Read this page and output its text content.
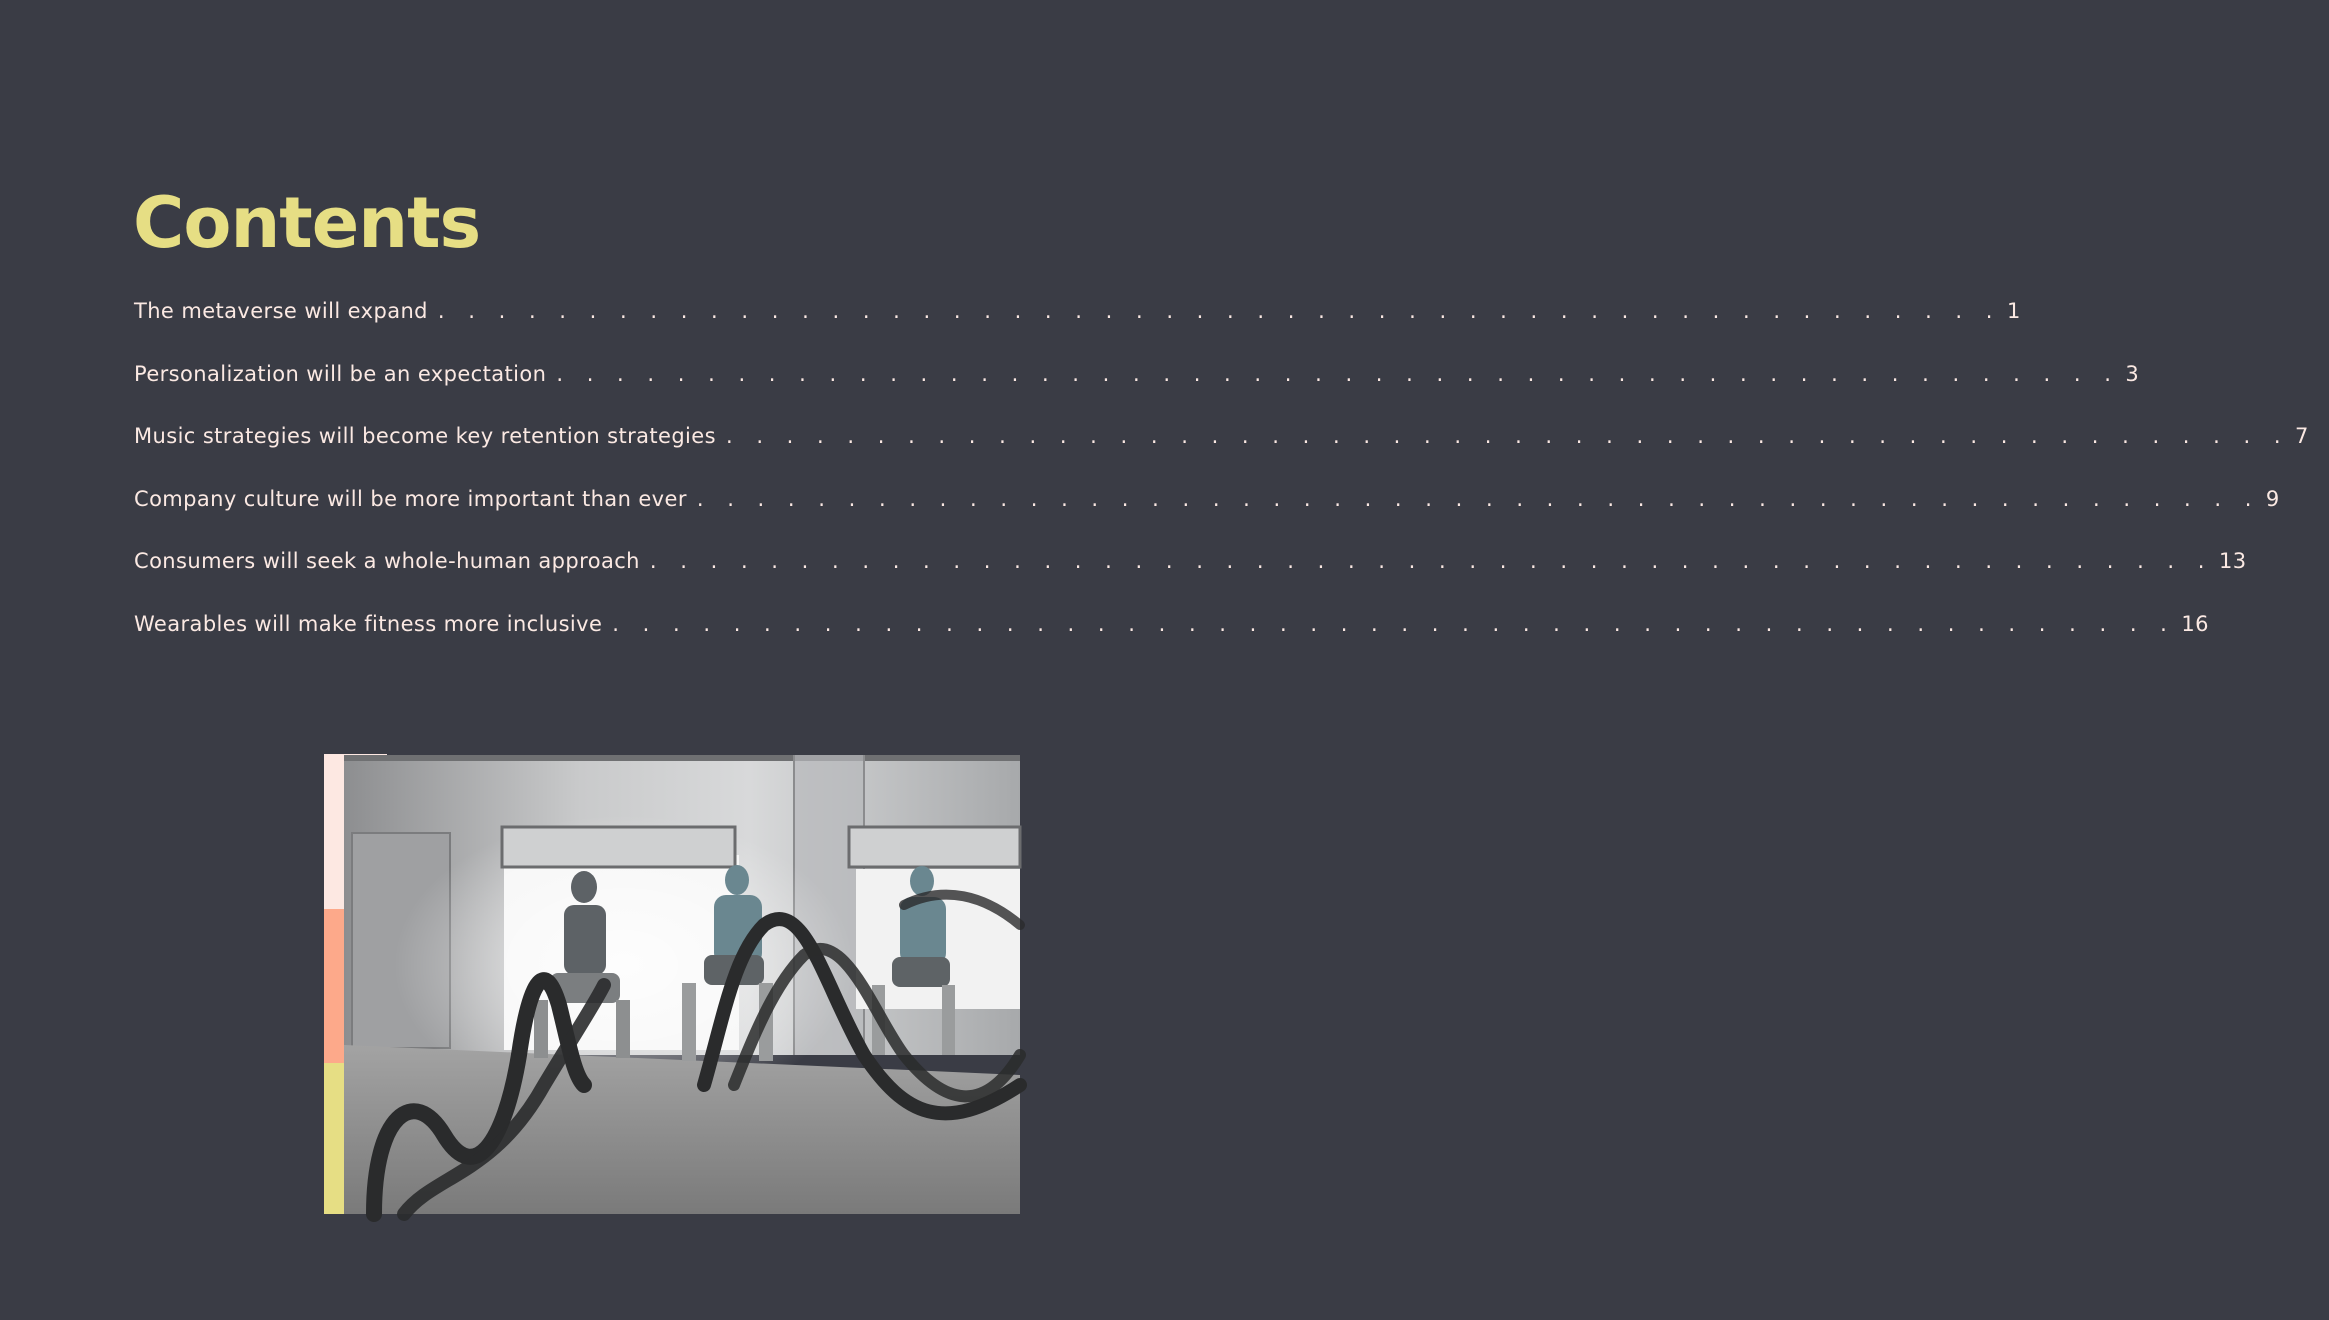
Contents
The metaverse will expand . . . . . . . . . . . . . . . . . . . . . . . . . . . . . . . . . . . . . . . . . . . . . . . . . . . . 1
Personalization will be an expectation . . . . . . . . . . . . . . . . . . . . . . . . . . . . . . . . . . . . . . . . . . . . . . . . . . . . 3
Music strategies will become key retention strategies . . . . . . . . . . . . . . . . . . . . . . . . . . . . . . . . . . . . . . . . . . . . . . . . . . . . 7
Company culture will be more important than ever . . . . . . . . . . . . . . . . . . . . . . . . . . . . . . . . . . . . . . . . . . . . . . . . . . . . 9
Consumers will seek a whole-human approach . . . . . . . . . . . . . . . . . . . . . . . . . . . . . . . . . . . . . . . . . . . . . . . . . . . . 13
Wearables will make fitness more inclusive . . . . . . . . . . . . . . . . . . . . . . . . . . . . . . . . . . . . . . . . . . . . . . . . . . . . 16
